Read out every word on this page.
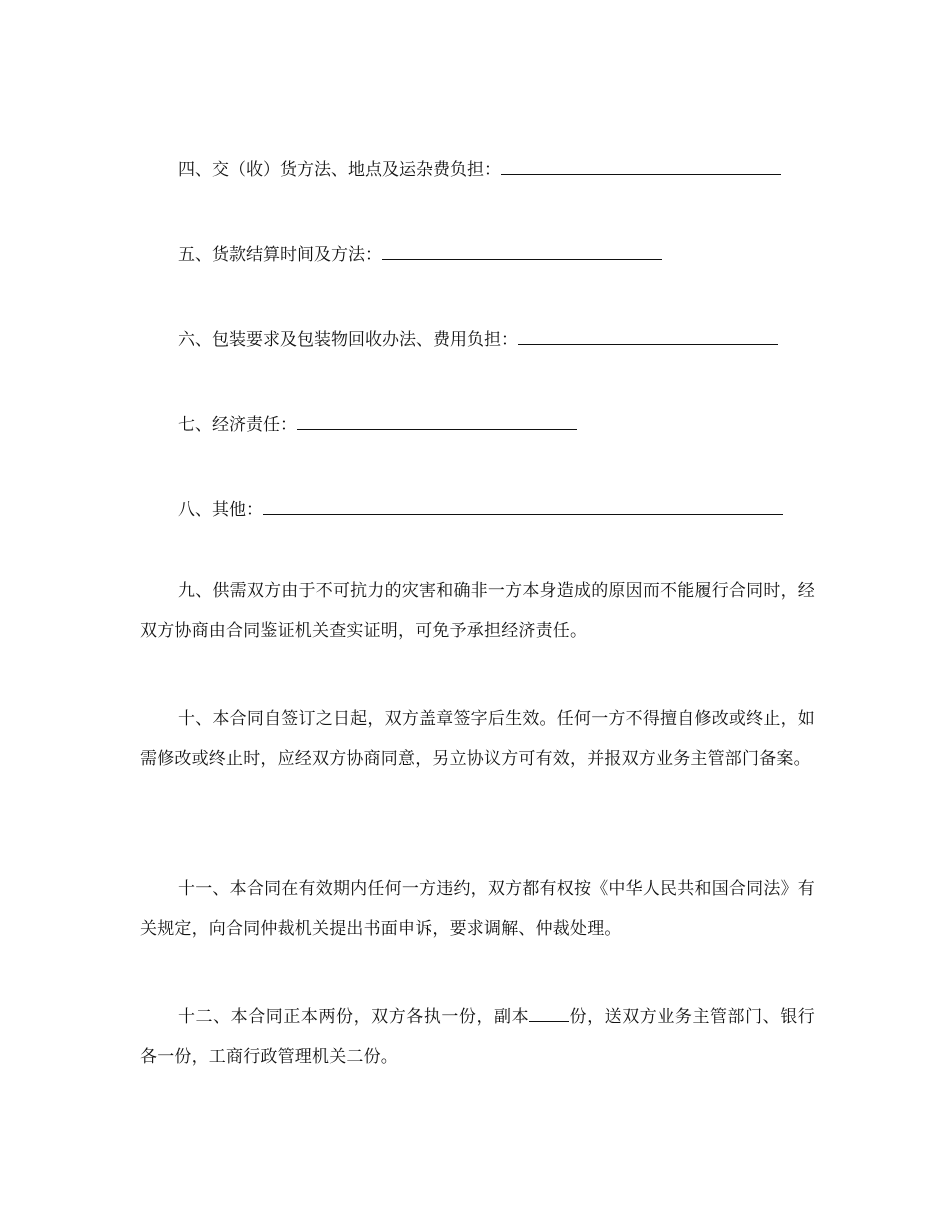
四、交（收）货方法、地点及运杂费负担：
五、货款结算时间及方法：
六、包装要求及包装物回收办法、费用负担：
七、经济责任：
八、其他：
九、供需双方由于不可抗力的灾害和确非一方本身造成的原因而不能履行合同时，经双方协商由合同鉴证机关查实证明，可免予承担经济责任。
十、本合同自签订之日起，双方盖章签字后生效。任何一方不得擅自修改或终止，如需修改或终止时，应经双方协商同意，另立协议方可有效，并报双方业务主管部门备案。
十一、本合同在有效期内任何一方违约，双方都有权按《中华人民共和国合同法》有关规定，向合同仲裁机关提出书面申诉，要求调解、仲裁处理。
十二、本合同正本两份，双方各执一份，副本 份，送双方业务主管部门、银行各一份，工商行政管理机关二份。
